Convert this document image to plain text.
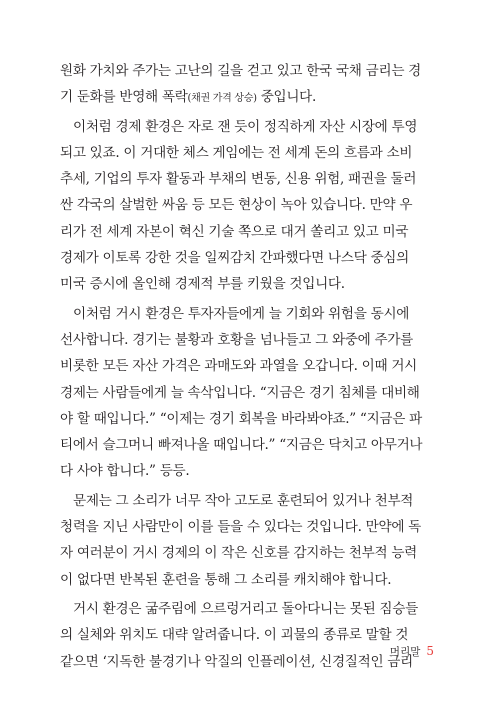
원화 가치와 주가는 고난의 길을 걷고 있고 한국 국채 금리는 경
기 둔화를 반영해 폭락(채권 가격 상승) 중입니다.
이처럼 경제 환경은 자로 잰 듯이 정직하게 자산 시장에 투영
되고 있죠. 이 거대한 체스 게임에는 전 세계 돈의 흐름과 소비
추세, 기업의 투자 활동과 부채의 변동, 신용 위험, 패권을 둘러
싼 각국의 살벌한 싸움 등 모든 현상이 녹아 있습니다. 만약 우
리가 전 세계 자본이 혁신 기술 쪽으로 대거 쏠리고 있고 미국
경제가 이토록 강한 것을 일찌감치 간파했다면 나스닥 중심의
미국 증시에 올인해 경제적 부를 키웠을 것입니다.
이처럼 거시 환경은 투자자들에게 늘 기회와 위험을 동시에
선사합니다. 경기는 불황과 호황을 넘나들고 그 와중에 주가를
비롯한 모든 자산 가격은 과매도와 과열을 오갑니다. 이때 거시
경제는 사람들에게 늘 속삭입니다. “지금은 경기 침체를 대비해
야 할 때입니다.” “이제는 경기 회복을 바라봐야죠.” “지금은 파
티에서 슬그머니 빠져나올 때입니다.” “지금은 닥치고 아무거나
다 사야 합니다.” 등등.
문제는 그 소리가 너무 작아 고도로 훈련되어 있거나 천부적
청력을 지닌 사람만이 이를 들을 수 있다는 것입니다. 만약에 독
자 여러분이 거시 경제의 이 작은 신호를 감지하는 천부적 능력
이 없다면 반복된 훈련을 통해 그 소리를 캐치해야 합니다.
거시 환경은 굶주림에 으르렁거리고 돌아다니는 못된 짐승들
의 실체와 위치도 대략 알려줍니다. 이 괴물의 종류로 말할 것
같으면 ‘지독한 불경기나 악질의 인플레이션, 신경질적인 금리
머리말 5
